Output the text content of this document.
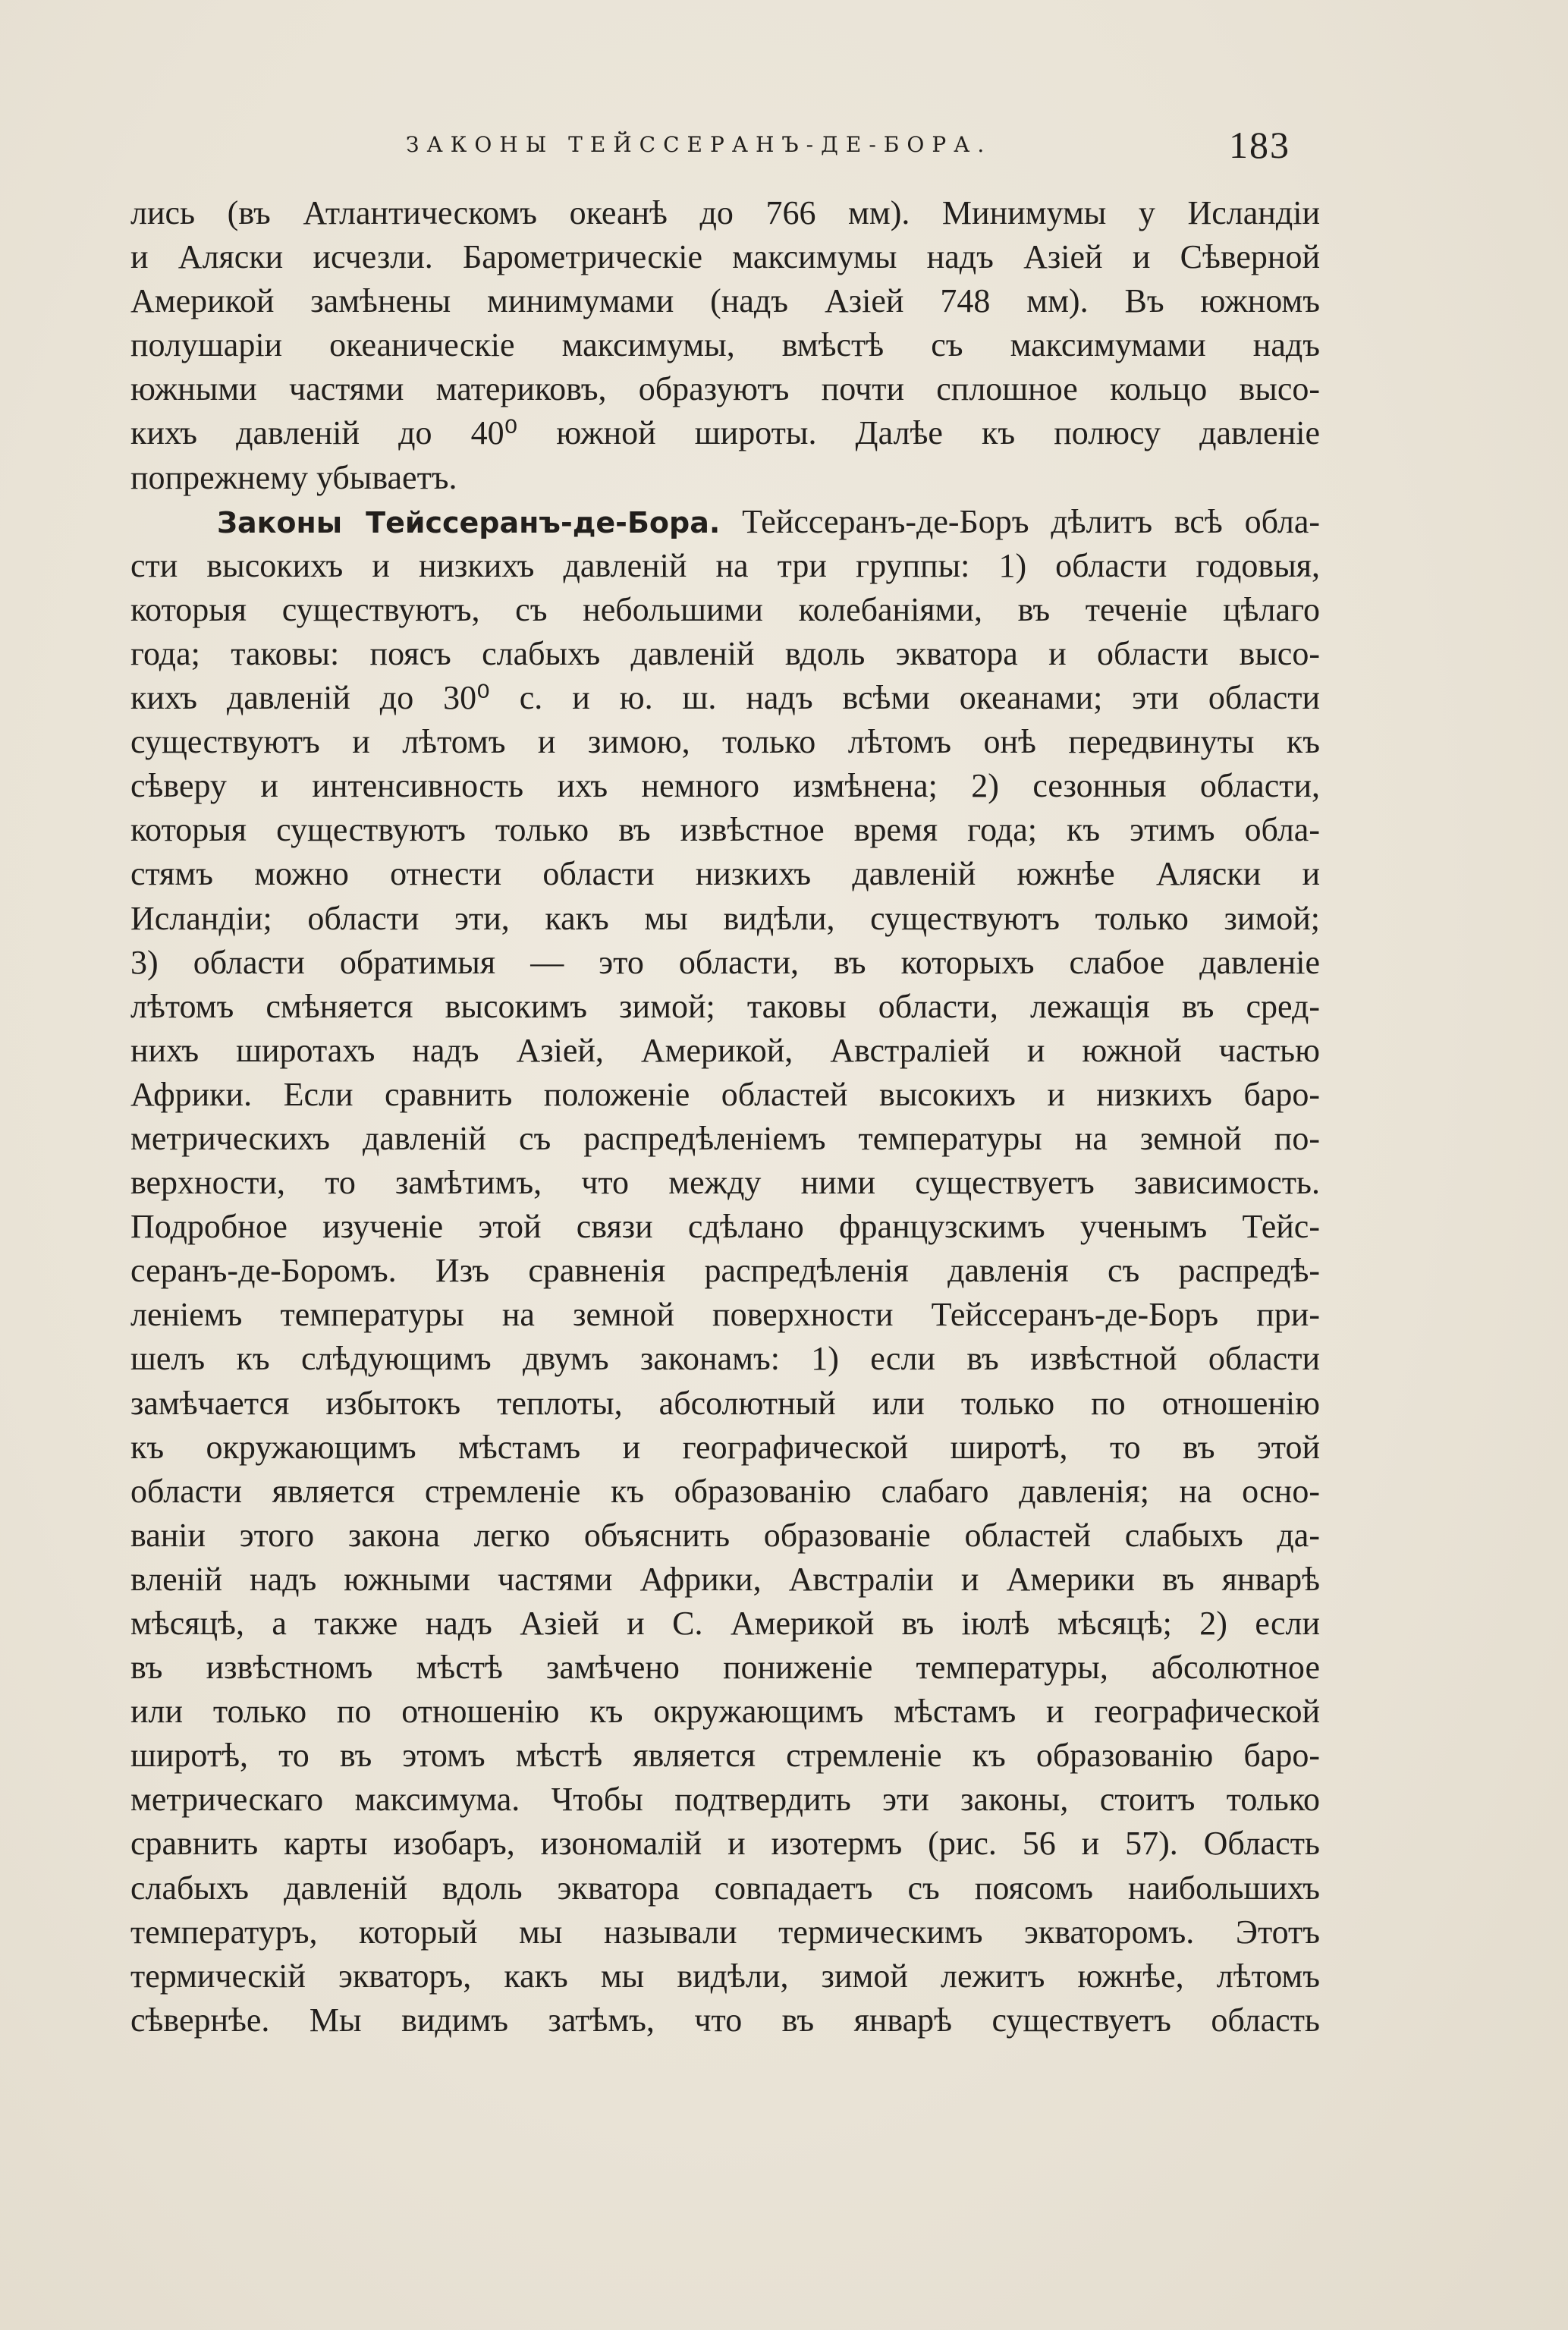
ЗАКОНЫ ТЕЙССЕРАНЪ-ДЕ-БОРА.	183
лись (въ Атлантическомъ океанѣ до 766 мм). Минимумы у Исландіи
и Аляски исчезли. Барометрическіе максимумы надъ Азіей и Сѣверной
Америкой замѣнены минимумами (надъ Азіей 748 мм). Въ южномъ
полушаріи океаническіе максимумы, вмѣстѣ съ максимумами надъ
южными частями материковъ, образуютъ почти сплошное кольцо высо-
кихъ давленій до 40⁰ южной широты. Далѣе къ полюсу давленіе
попрежнему убываетъ.
Законы Тейссеранъ-де-Бора. Тейссеранъ-де-Боръ дѣлитъ всѣ обла-
сти высокихъ и низкихъ давленій на три группы: 1) области годовыя,
которыя существуютъ, съ небольшими колебаніями, въ теченіе цѣлаго
года; таковы: поясъ слабыхъ давленій вдоль экватора и области высо-
кихъ давленій до 30⁰ с. и ю. ш. надъ всѣми океанами; эти области
существуютъ и лѣтомъ и зимою, только лѣтомъ онѣ передвинуты къ
сѣверу и интенсивность ихъ немного измѣнена; 2) сезонныя области,
которыя существуютъ только въ извѣстное время года; къ этимъ обла-
стямъ можно отнести области низкихъ давленій южнѣе Аляски и
Исландіи; области эти, какъ мы видѣли, существуютъ только зимой;
3) области обратимыя — это области, въ которыхъ слабое давленіе
лѣтомъ смѣняется высокимъ зимой; таковы области, лежащія въ сред-
нихъ широтахъ надъ Азіей, Америкой, Австраліей и южной частью
Африки. Если сравнить положеніе областей высокихъ и низкихъ баро-
метрическихъ давленій съ распредѣленіемъ температуры на земной по-
верхности, то замѣтимъ, что между ними существуетъ зависимость.
Подробное изученіе этой связи сдѣлано французскимъ ученымъ Тейс-
серанъ-де-Боромъ. Изъ сравненія распредѣленія давленія съ распредѣ-
леніемъ температуры на земной поверхности Тейссеранъ-де-Боръ при-
шелъ къ слѣдующимъ двумъ законамъ: 1) если въ извѣстной области
замѣчается избытокъ теплоты, абсолютный или только по отношенію
къ окружающимъ мѣстамъ и географической широтѣ, то въ этой
области является стремленіе къ образованію слабаго давленія; на осно-
ваніи этого закона легко объяснить образованіе областей слабыхъ да-
вленій надъ южными частями Африки, Австраліи и Америки въ январѣ
мѣсяцѣ, а также надъ Азіей и С. Америкой въ іюлѣ мѣсяцѣ; 2) если
въ извѣстномъ мѣстѣ замѣчено пониженіе температуры, абсолютное
или только по отношенію къ окружающимъ мѣстамъ и географической
широтѣ, то въ этомъ мѣстѣ является стремленіе къ образованію баро-
метрическаго максимума. Чтобы подтвердить эти законы, стоитъ только
сравнить карты изобаръ, изономалій и изотермъ (рис. 56 и 57). Область
слабыхъ давленій вдоль экватора совпадаетъ съ поясомъ наибольшихъ
температуръ, который мы называли термическимъ экваторомъ. Этотъ
термическій экваторъ, какъ мы видѣли, зимой лежитъ южнѣе, лѣтомъ
сѣвернѣе. Мы видимъ затѣмъ, что въ январѣ существуетъ область
